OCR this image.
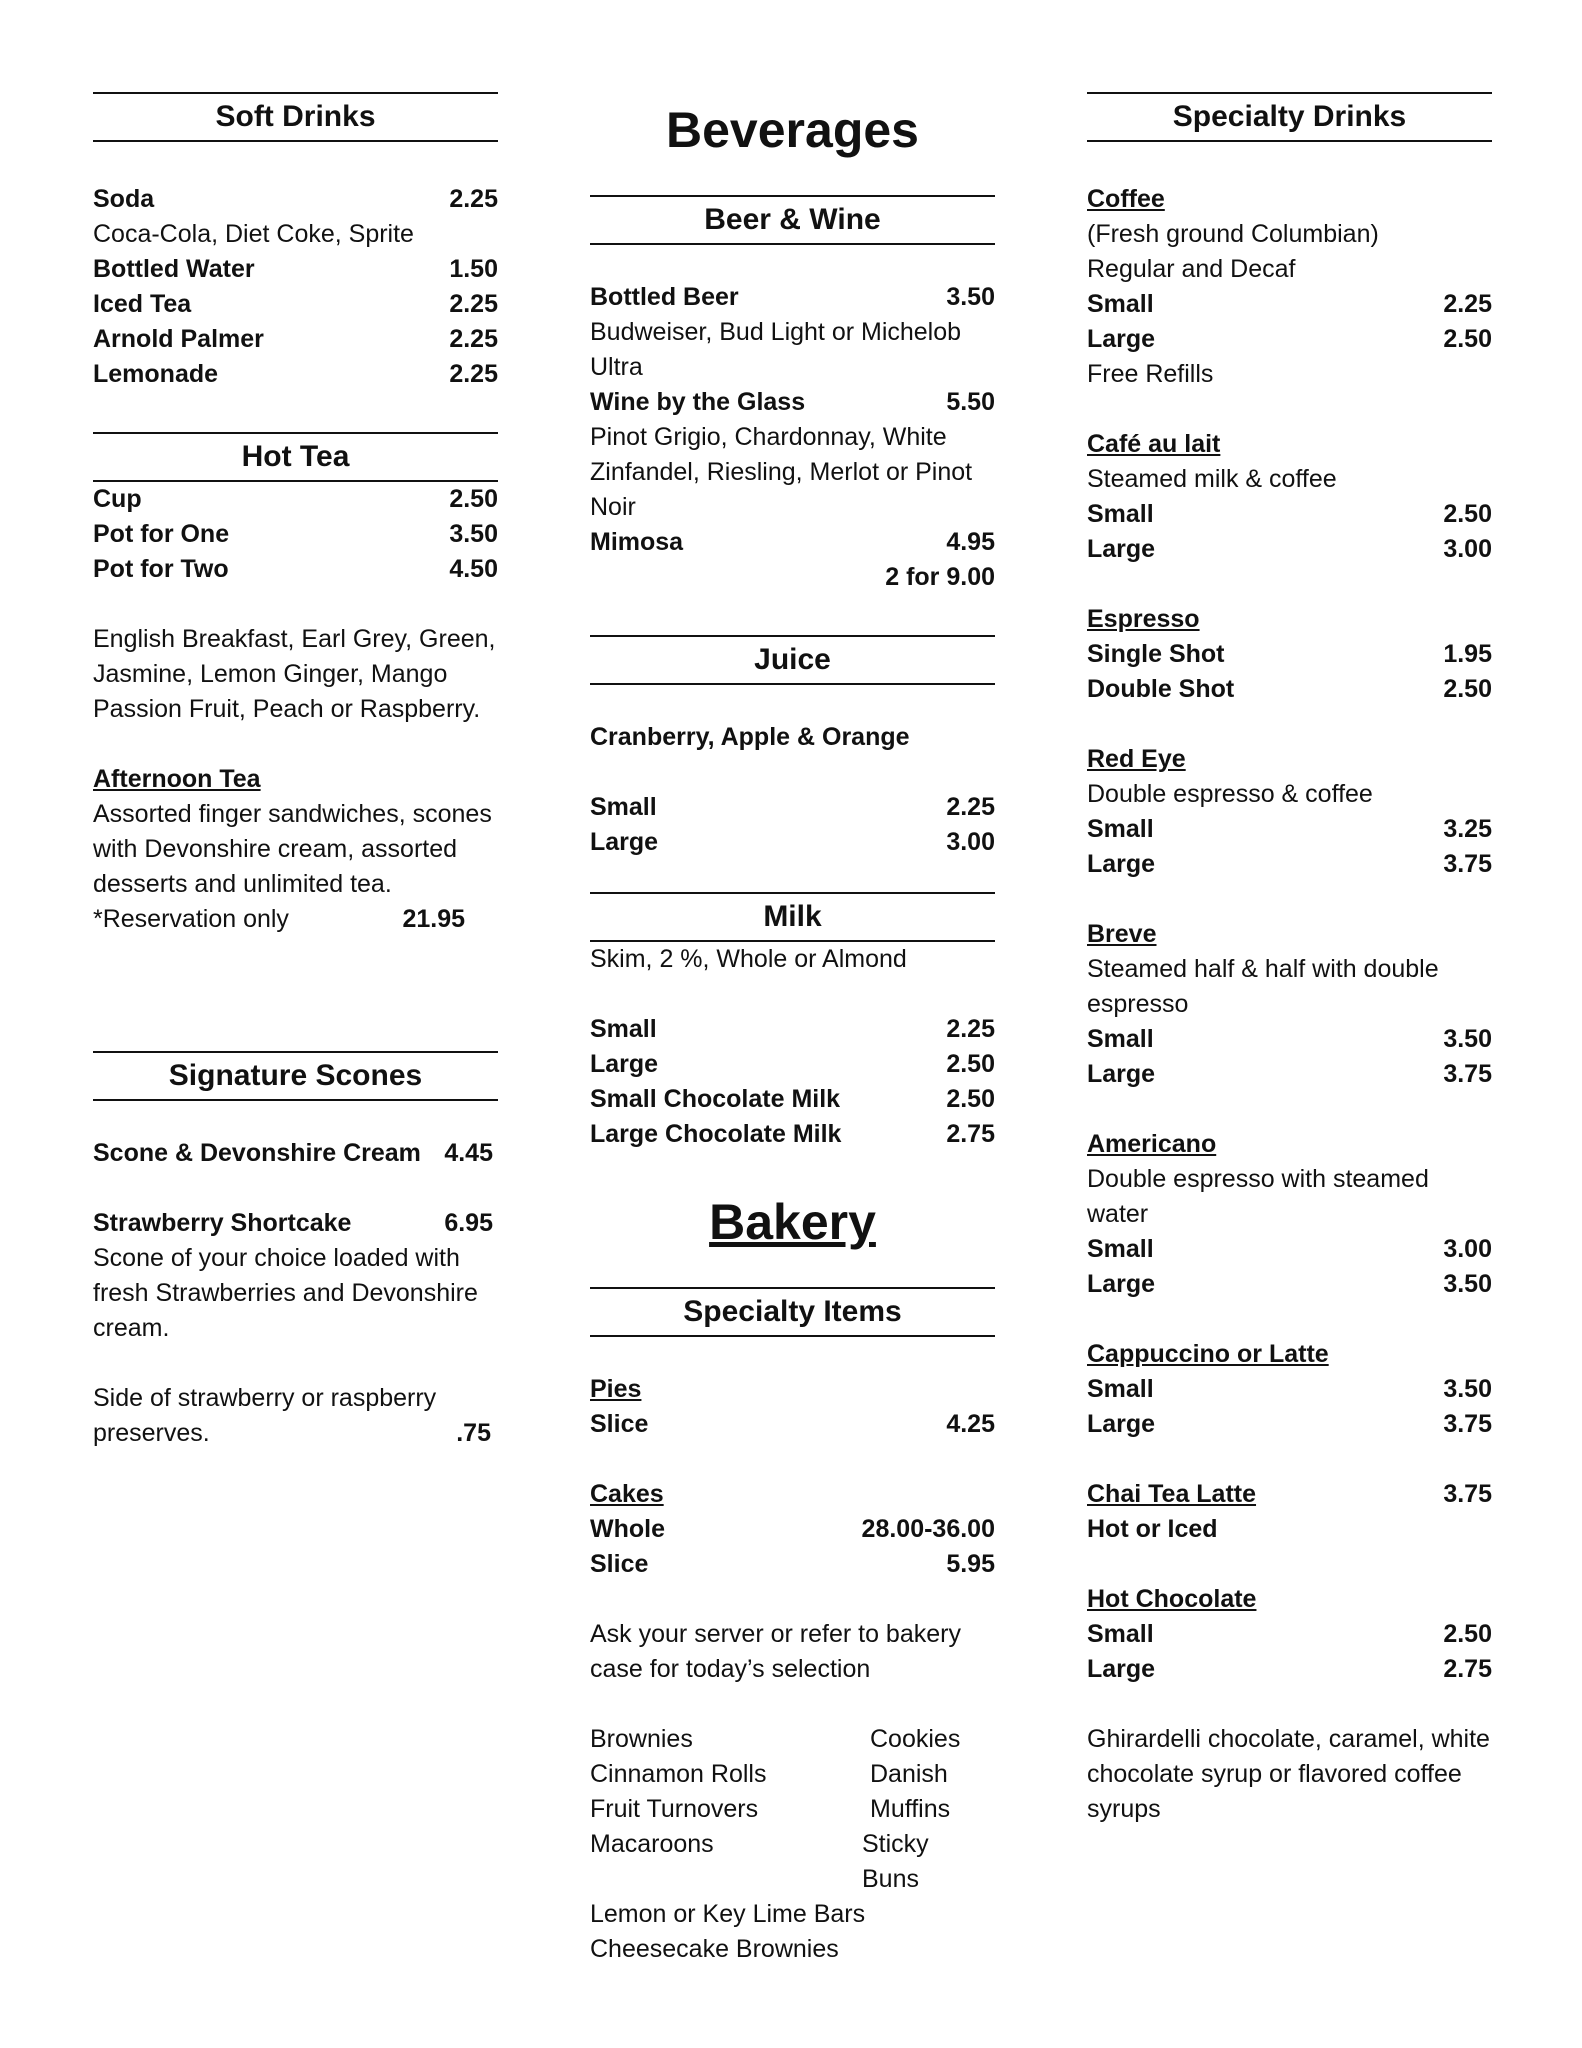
Soft Drinks
Soda	2.25
Coca-Cola, Diet Coke, Sprite
Bottled Water	1.50
Iced Tea	2.25
Arnold Palmer	2.25
Lemonade	2.25
Hot Tea
Cup	2.50
Pot for One	3.50
Pot for Two	4.50
English Breakfast, Earl Grey, Green, Jasmine, Lemon Ginger, Mango Passion Fruit, Peach or Raspberry.
Afternoon Tea
Assorted finger sandwiches, scones with Devonshire cream, assorted desserts and unlimited tea.
*Reservation only	21.95
Signature Scones
Scone & Devonshire Cream 4.45
Strawberry Shortcake	6.95
Scone of your choice loaded with fresh Strawberries and Devonshire cream.
Side of strawberry or raspberry
preserves.	.75
Beverages
Beer & Wine
Bottled Beer	3.50
Budweiser, Bud Light or Michelob Ultra
Wine by the Glass	5.50
Pinot Grigio, Chardonnay, White Zinfandel, Riesling, Merlot or Pinot Noir
Mimosa	4.95
2 for 9.00
Juice
Cranberry, Apple & Orange
Small	2.25
Large	3.00
Milk
Skim, 2 %, Whole or Almond
Small	2.25
Large	2.50
Small Chocolate Milk	2.50
Large Chocolate Milk	2.75
Bakery
Specialty Items
Pies
Slice	4.25
Cakes
Whole	28.00-36.00
Slice	5.95
Ask your server or refer to bakery case for today’s selection
Brownies	Cookies
Cinnamon Rolls	Danish
Fruit Turnovers	Muffins
Macaroons	Sticky Buns
Lemon or Key Lime Bars
Cheesecake Brownies
Specialty Drinks
Coffee
(Fresh ground Columbian)
Regular and Decaf
Small	2.25
Large	2.50
Free Refills
Café au lait
Steamed milk & coffee
Small	2.50
Large	3.00
Espresso
Single Shot	1.95
Double Shot	2.50
Red Eye
Double espresso & coffee
Small	3.25
Large	3.75
Breve
Steamed half & half with double espresso
Small	3.50
Large	3.75
Americano
Double espresso with steamed water
Small	3.00
Large	3.50
Cappuccino or Latte
Small	3.50
Large	3.75
Chai Tea Latte	3.75
Hot or Iced
Hot Chocolate
Small	2.50
Large	2.75
Ghirardelli chocolate, caramel, white chocolate syrup or flavored coffee syrups
